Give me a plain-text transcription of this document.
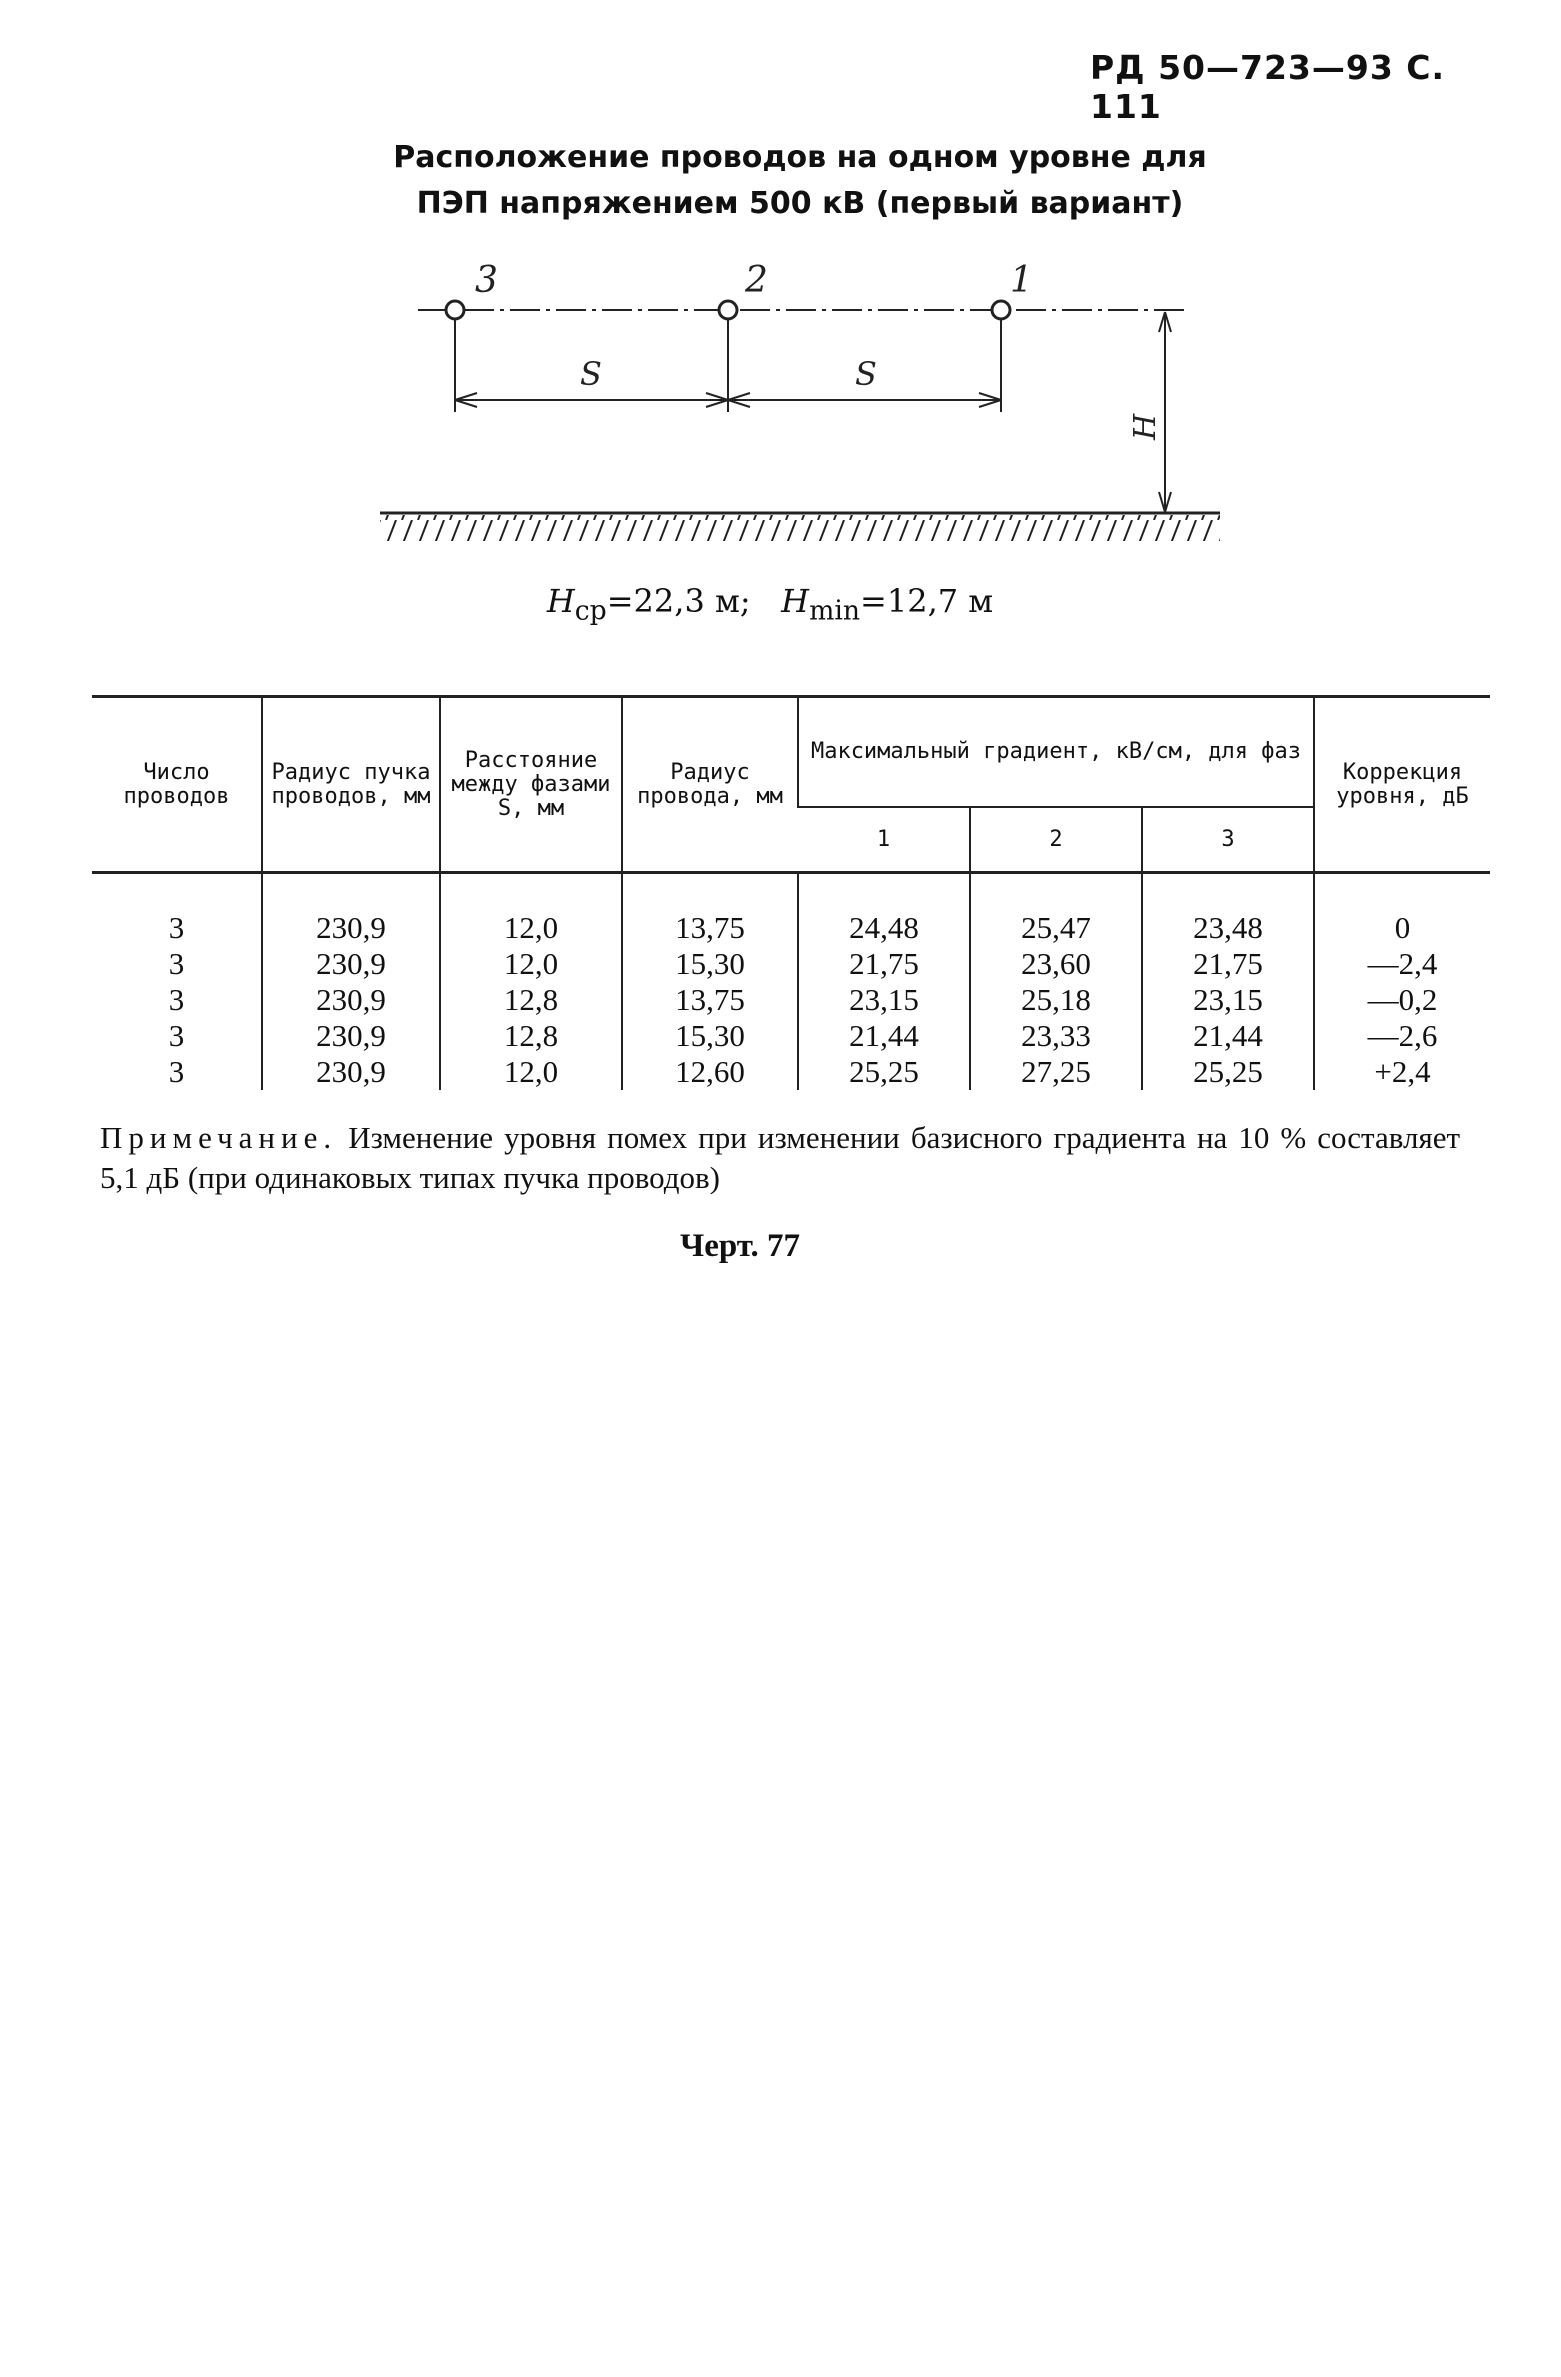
РД 50—723—93 С. 111
Расположение проводов на одном уровне для
ПЭП напряжением 500 кВ (первый вариант)
3	2	1
S	S
H
$H_{ср}=22,3$ м; $H_{min}=12,7$ м
Число проводов	Радиус пучка проводов, мм	Расстояние между фазами S, мм	Радиус провода, мм	Максимальный градиент, кВ/см, для фаз			Коррекция уровня, дБ
				1	2	3	
3	230,9	12,0	13,75	24,48	25,47	23,48	0
3	230,9	12,0	15,30	21,75	23,60	21,75	—2,4
3	230,9	12,8	13,75	23,15	25,18	23,15	—0,2
3	230,9	12,8	15,30	21,44	23,33	21,44	—2,6
3	230,9	12,0	12,60	25,25	27,25	25,25	+2,4
Примечание. Изменение уровня помех при изменении базисного градиента на 10 % составляет 5,1 дБ (при одинаковых типах пучка проводов)
Черт. 77
